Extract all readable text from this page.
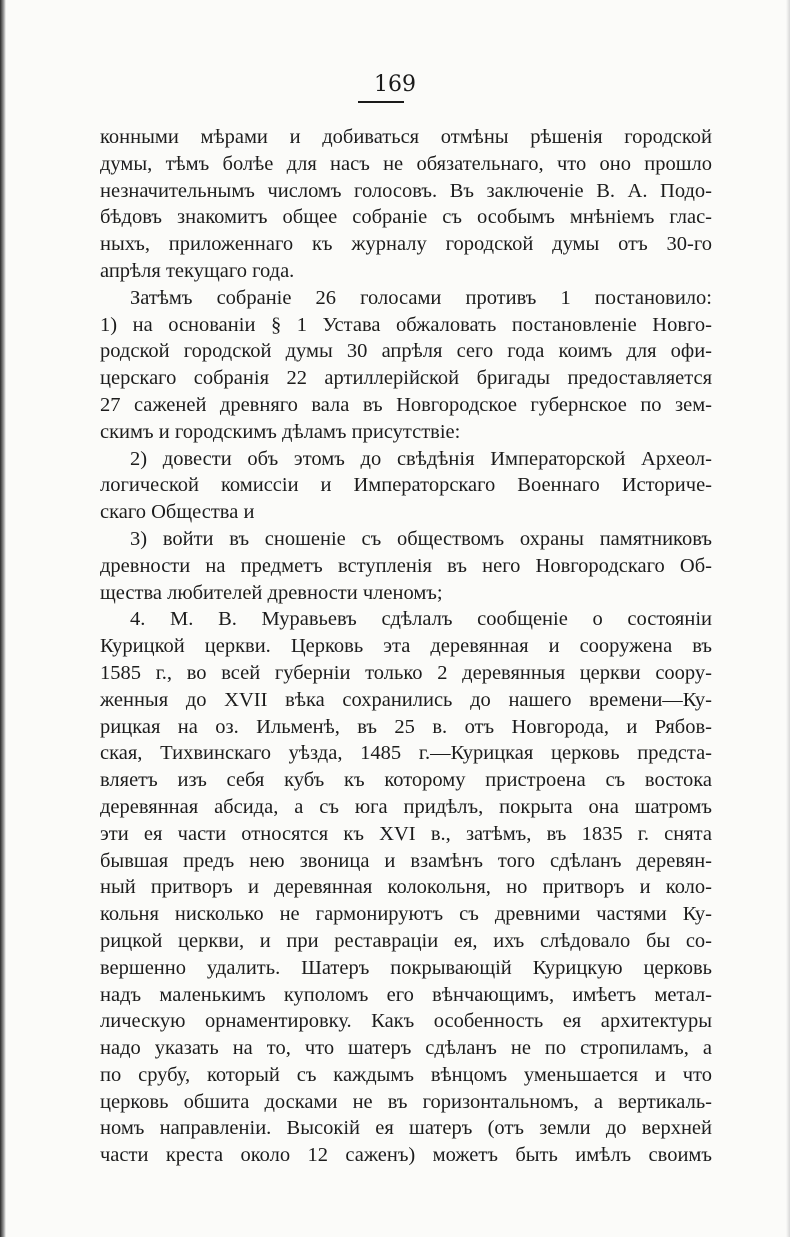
169
конными мѣрами и добиваться отмѣны рѣшенія городской
думы, тѣмъ болѣе для насъ не обязательнаго, что оно прошло
незначительнымъ числомъ голосовъ. Въ заключеніе В. А. Подо-
бѣдовъ знакомитъ общее собраніе съ особымъ мнѣніемъ глас-
ныхъ, приложеннаго къ журналу городской думы отъ 30-го
апрѣля текущаго года.
Затѣмъ собраніе 26 голосами противъ 1 постановило:
1) на основаніи § 1 Устава обжаловать постановленіе Новго-
родской городской думы 30 апрѣля сего года коимъ для офи-
церскаго собранія 22 артиллерійской бригады предоставляется
27 саженей древняго вала въ Новгородское губернское по зем-
скимъ и городскимъ дѣламъ присутствіе:
2) довести объ этомъ до свѣдѣнія Императорской Археол-
логической комиссіи и Императорскаго Военнаго Историче-
скаго Общества и
3) войти въ сношеніе съ обществомъ охраны памятниковъ
древности на предметъ вступленія въ него Новгородскаго Об-
щества любителей древности членомъ;
4. М. В. Муравьевъ сдѣлалъ сообщеніе о состояніи
Курицкой церкви. Церковь эта деревянная и сооружена въ
1585 г., во всей губерніи только 2 деревянныя церкви соору-
женныя до XVII вѣка сохранились до нашего времени—Ку-
рицкая на оз. Ильменѣ, въ 25 в. отъ Новгорода, и Рябов-
ская, Тихвинскаго уѣзда, 1485 г.—Курицкая церковь предста-
вляетъ изъ себя кубъ къ которому пристроена съ востока
деревянная абсида, а съ юга придѣлъ, покрыта она шатромъ
эти ея части относятся къ XVI в., затѣмъ, въ 1835 г. снята
бывшая предъ нею звоница и взамѣнъ того сдѣланъ деревян-
ный притворъ и деревянная колокольня, но притворъ и коло-
кольня нисколько не гармонируютъ съ древними частями Ку-
рицкой церкви, и при реставраціи ея, ихъ слѣдовало бы со-
вершенно удалить. Шатеръ покрывающій Курицкую церковь
надъ маленькимъ куполомъ его вѣнчающимъ, имѣетъ метал-
лическую орнаментировку. Какъ особенность ея архитектуры
надо указать на то, что шатеръ сдѣланъ не по стропиламъ, а
по срубу, который съ каждымъ вѣнцомъ уменьшается и что
церковь обшита досками не въ горизонтальномъ, а вертикаль-
номъ направленіи. Высокій ея шатеръ (отъ земли до верхней
части креста около 12 саженъ) можетъ быть имѣлъ своимъ
